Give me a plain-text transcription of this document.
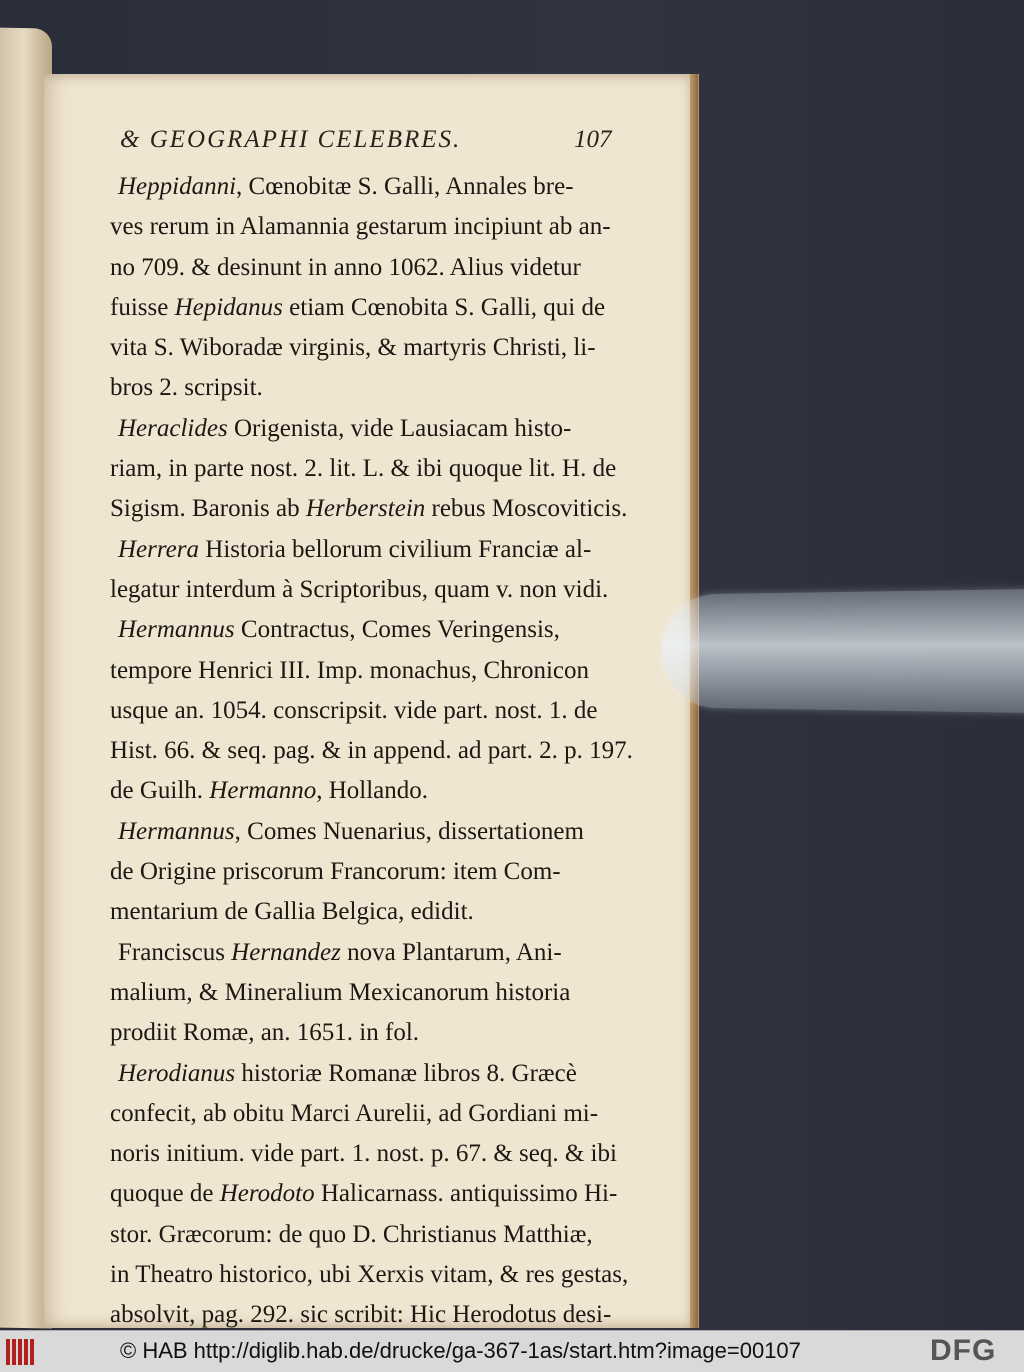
& GEOGRAPHI CELEBRES.	107
Heppidanni, Cœnobitæ S. Galli, Annales bre-
ves rerum in Alamannia gestarum incipiunt ab an-
no 709. & desinunt in anno 1062. Alius videtur
fuisse Hepidanus etiam Cœnobita S. Galli, qui de
vita S. Wiboradæ virginis, & martyris Christi, li-
bros 2. scripsit.
Heraclides Origenista, vide Lausiacam histo-
riam, in parte nost. 2. lit. L. & ibi quoque lit. H. de
Sigism. Baronis ab Herberstein rebus Moscoviticis.
Herrera Historia bellorum civilium Franciæ al-
legatur interdum à Scriptoribus, quam v. non vidi.
Hermannus Contractus, Comes Veringensis,
tempore Henrici III. Imp. monachus, Chronicon
usque an. 1054. conscripsit. vide part. nost. 1. de
Hist. 66. & seq. pag. & in append. ad part. 2. p. 197.
de Guilh. Hermanno, Hollando.
Hermannus, Comes Nuenarius, dissertationem
de Origine priscorum Francorum: item Com-
mentarium de Gallia Belgica, edidit.
Franciscus Hernandez nova Plantarum, Ani-
malium, & Mineralium Mexicanorum historia
prodiit Romæ, an. 1651. in fol.
Herodianus historiæ Romanæ libros 8. Græcè
confecit, ab obitu Marci Aurelii, ad Gordiani mi-
noris initium. vide part. 1. nost. p. 67. & seq. & ibi
quoque de Herodoto Halicarnass. antiquissimo Hi-
stor. Græcorum: de quo D. Christianus Matthiæ,
in Theatro historico, ubi Xerxis vitam, & res gestas,
absolvit, pag. 292. sic scribit: Hic Herodotus desi-
© HAB http://diglib.hab.de/drucke/ga-367-1as/start.htm?image=00107	DFG
